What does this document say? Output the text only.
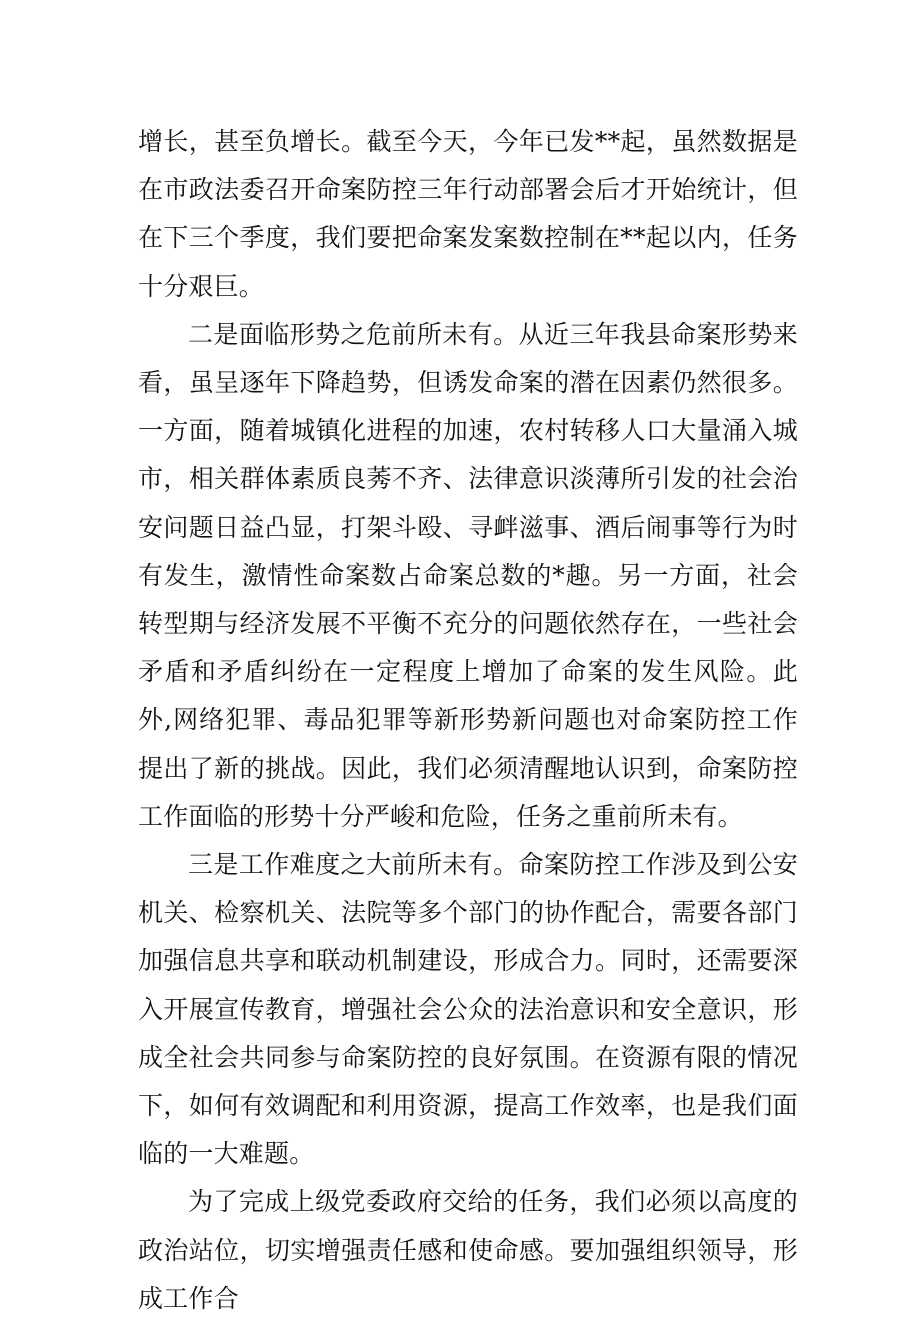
增长，甚至负增长。截至今天，今年已发**起，虽然数据是在市政法委召开命案防控三年行动部署会后才开始统计，但在下三个季度，我们要把命案发案数控制在**起以内，任务十分艰巨。

二是面临形势之危前所未有。从近三年我县命案形势来看，虽呈逐年下降趋势，但诱发命案的潜在因素仍然很多。一方面，随着城镇化进程的加速，农村转移人口大量涌入城市，相关群体素质良莠不齐、法律意识淡薄所引发的社会治安问题日益凸显，打架斗殴、寻衅滋事、酒后闹事等行为时有发生，激情性命案数占命案总数的*趣。另一方面，社会转型期与经济发展不平衡不充分的问题依然存在，一些社会矛盾和矛盾纠纷在一定程度上增加了命案的发生风险。此外,网络犯罪、毒品犯罪等新形势新问题也对命案防控工作提出了新的挑战。因此，我们必须清醒地认识到，命案防控工作面临的形势十分严峻和危险，任务之重前所未有。

三是工作难度之大前所未有。命案防控工作涉及到公安机关、检察机关、法院等多个部门的协作配合，需要各部门加强信息共享和联动机制建设，形成合力。同时，还需要深入开展宣传教育，增强社会公众的法治意识和安全意识，形成全社会共同参与命案防控的良好氛围。在资源有限的情况下，如何有效调配和利用资源，提高工作效率，也是我们面临的一大难题。

为了完成上级党委政府交给的任务，我们必须以高度的政治站位，切实增强责任感和使命感。要加强组织领导，形成工作合
